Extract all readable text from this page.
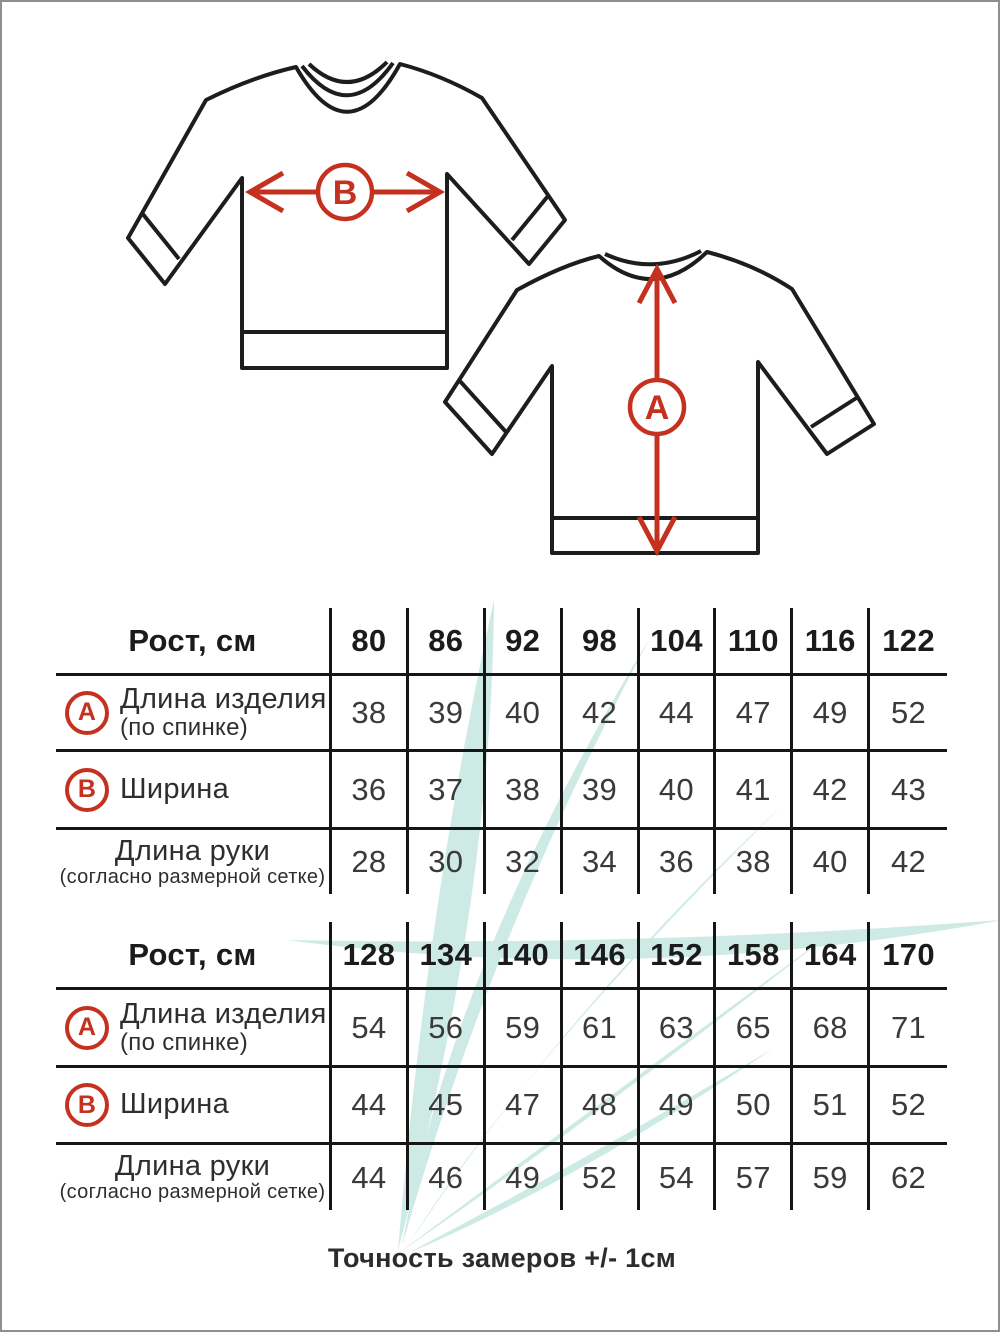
B
A
Рост, см	80	86	92	98	104 110 116 122
A Длина изделия
(по спинке)	38	39	40	42	44	47	49	52
B Ширина	36	37	38	39	40	41	42	43
Длина руки
(согласно размерной сетке) 28	30	32	34	36	38	40	42
Рост, см	128 134 140 146 152 158 164 170
A Длина изделия
(по спинке)	54	56	59	61	63	65	68	71
B Ширина	44	45	47	48	49	50	51	52
Длина руки
(согласно размерной сетке) 44	46	49	52	54	57	59	62
Точность замеров +/- 1см
